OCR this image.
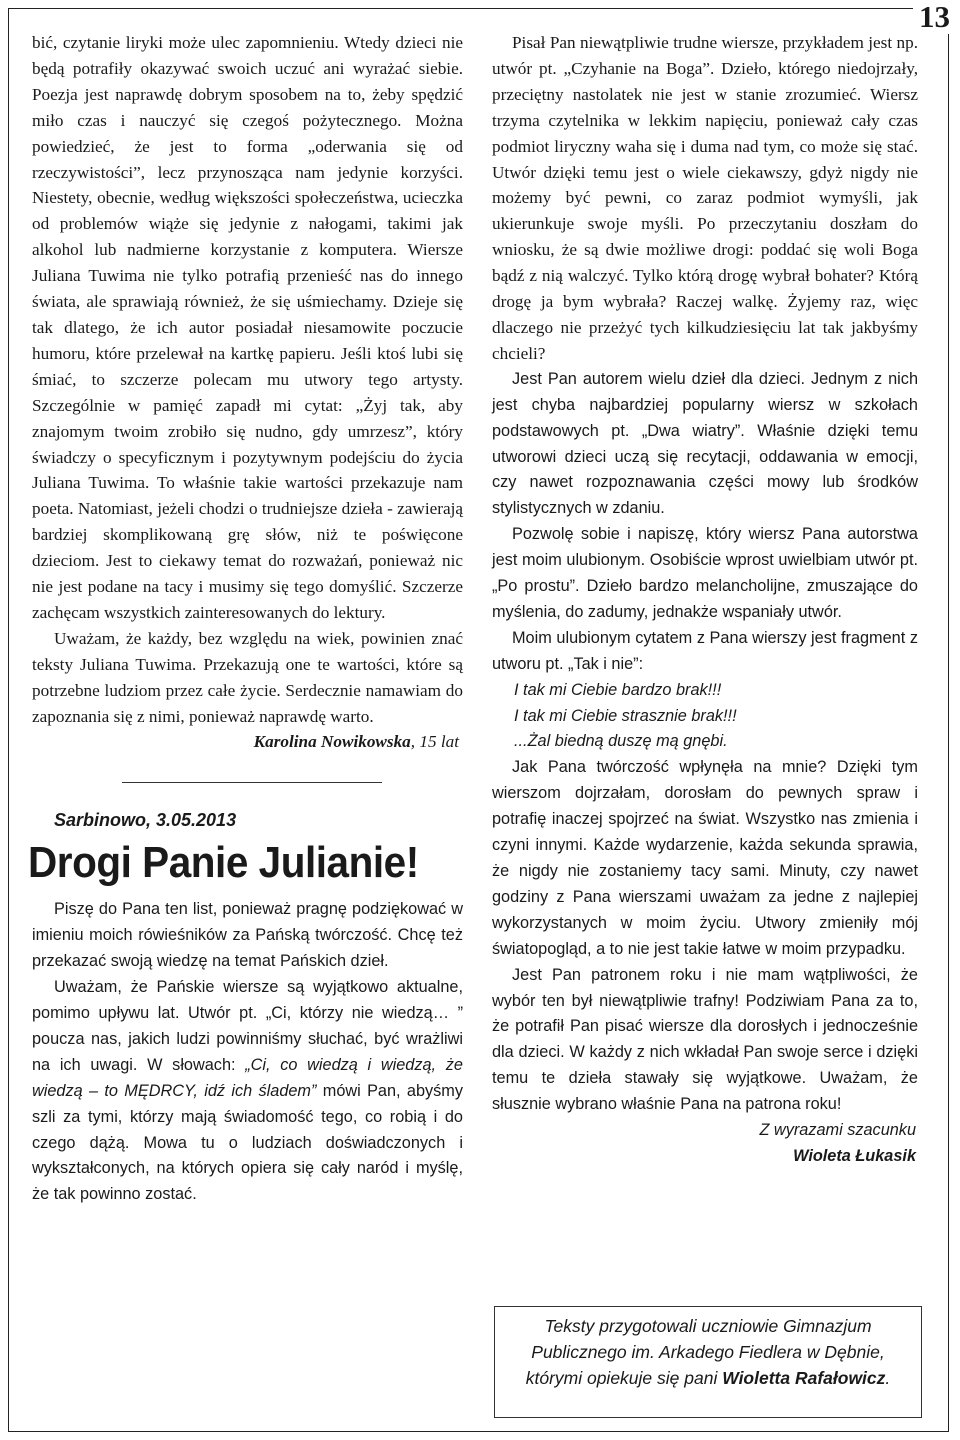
13

bić, czytanie liryki może ulec zapomnieniu. Wtedy dzieci nie będą potrafiły okazywać swoich uczuć ani wyrażać siebie. Poezja jest naprawdę dobrym sposobem na to, żeby spędzić miło czas i nauczyć się czegoś pożytecznego. Można powiedzieć, że jest to forma „oderwania się od rzeczywistości”, lecz przynosząca nam jedynie korzyści. Niestety, obecnie, według większości społeczeństwa, ucieczka od problemów wiąże się jedynie z nałogami, takimi jak alkohol lub nadmierne korzystanie z komputera. Wiersze Juliana Tuwima nie tylko potrafią przenieść nas do innego świata, ale sprawiają również, że się uśmiechamy. Dzieje się tak dlatego, że ich autor posiadał niesamowite poczucie humoru, które przelewał na kartkę papieru. Jeśli ktoś lubi się śmiać, to szczerze polecam mu utwory tego artysty. Szczególnie w pamięć zapadł mi cytat: „Żyj tak, aby znajomym twoim zrobiło się nudno, gdy umrzesz”, który świadczy o specyficznym i pozytywnym podejściu do życia Juliana Tuwima. To właśnie takie wartości przekazuje nam poeta. Natomiast, jeżeli chodzi o trudniejsze dzieła - zawierają bardziej skomplikowaną grę słów, niż te poświęcone dzieciom. Jest to ciekawy temat do rozważań, ponieważ nic nie jest podane na tacy i musimy się tego domyślić. Szczerze zachęcam wszystkich zainteresowanych do lektury.

Uważam, że każdy, bez względu na wiek, powinien znać teksty Juliana Tuwima. Przekazują one te wartości, które są potrzebne ludziom przez całe życie. Serdecznie namawiam do zapoznania się z nimi, ponieważ naprawdę warto.

Karolina Nowikowska, 15 lat

Sarbinowo, 3.05.2013
Drogi Panie Julianie!

Piszę do Pana ten list, ponieważ pragnę podziękować w imieniu moich rówieśników za Pańską twórczość. Chcę też przekazać swoją wiedzę na temat Pańskich dzieł.

Uważam, że Pańskie wiersze są wyjątkowo aktualne, pomimo upływu lat. Utwór pt. „Ci, którzy nie wiedzą… ” poucza nas, jakich ludzi powinniśmy słuchać, być wrażliwi na ich uwagi. W słowach: „Ci, co wiedzą i wiedzą, że wiedzą – to MĘDRCY, idź ich śladem” mówi Pan, abyśmy szli za tymi, którzy mają świadomość tego, co robią i do czego dążą. Mowa tu o ludziach doświadczonych i wykształconych, na których opiera się cały naród i myślę, że tak powinno zostać.

Pisał Pan niewątpliwie trudne wiersze, przykładem jest np. utwór pt. „Czyhanie na Boga”. Dzieło, którego niedojrzały, przeciętny nastolatek nie jest w stanie zrozumieć. Wiersz trzyma czytelnika w lekkim napięciu, ponieważ cały czas podmiot liryczny waha się i duma nad tym, co może się stać. Utwór dzięki temu jest o wiele ciekawszy, gdyż nigdy nie możemy być pewni, co zaraz podmiot wymyśli, jak ukierunkuje swoje myśli. Po przeczytaniu doszłam do wniosku, że są dwie możliwe drogi: poddać się woli Boga bądź z nią walczyć. Tylko którą drogę wybrał bohater? Którą drogę ja bym wybrała? Raczej walkę. Żyjemy raz, więc dlaczego nie przeżyć tych kilkudziesięciu lat tak jakbyśmy chcieli?

Jest Pan autorem wielu dzieł dla dzieci. Jednym z nich jest chyba najbardziej popularny wiersz w szkołach podstawowych pt. „Dwa wiatry”. Właśnie dzięki temu utworowi dzieci uczą się recytacji, oddawania w emocji, czy nawet rozpoznawania części mowy lub środków stylistycznych w zdaniu.

Pozwolę sobie i napiszę, który wiersz Pana autorstwa jest moim ulubionym. Osobiście wprost uwielbiam utwór pt. „Po prostu”. Dzieło bardzo melancholijne, zmuszające do myślenia, do zadumy, jednakże wspaniały utwór.

Moim ulubionym cytatem z Pana wierszy jest fragment z utworu pt. „Tak i nie”:

I tak mi Ciebie bardzo brak!!!

I tak mi Ciebie strasznie brak!!!

...Żal biedną duszę mą gnębi.

Jak Pana twórczość wpłynęła na mnie? Dzięki tym wierszom dojrzałam, dorosłam do pewnych spraw i potrafię inaczej spojrzeć na świat. Wszystko nas zmienia i czyni innymi. Każde wydarzenie, każda sekunda sprawia, że nigdy nie zostaniemy tacy sami. Minuty, czy nawet godziny z Pana wierszami uważam za jedne z najlepiej wykorzystanych w moim życiu. Utwory zmieniły mój światopogląd, a to nie jest takie łatwe w moim przypadku.

Jest Pan patronem roku i nie mam wątpliwości, że wybór ten był niewątpliwie trafny! Podziwiam Pana za to, że potrafił Pan pisać wiersze dla dorosłych i jednocześnie dla dzieci. W każdy z nich wkładał Pan swoje serce i dzięki temu te dzieła stawały się wyjątkowe. Uważam, że słusznie wybrano właśnie Pana na patrona roku!

Z wyrazami szacunku

Wioleta Łukasik

Teksty przygotowali uczniowie Gimnazjum Publicznego im. Arkadego Fiedlera w Dębnie, którymi opiekuje się pani Wioletta Rafałowicz.
